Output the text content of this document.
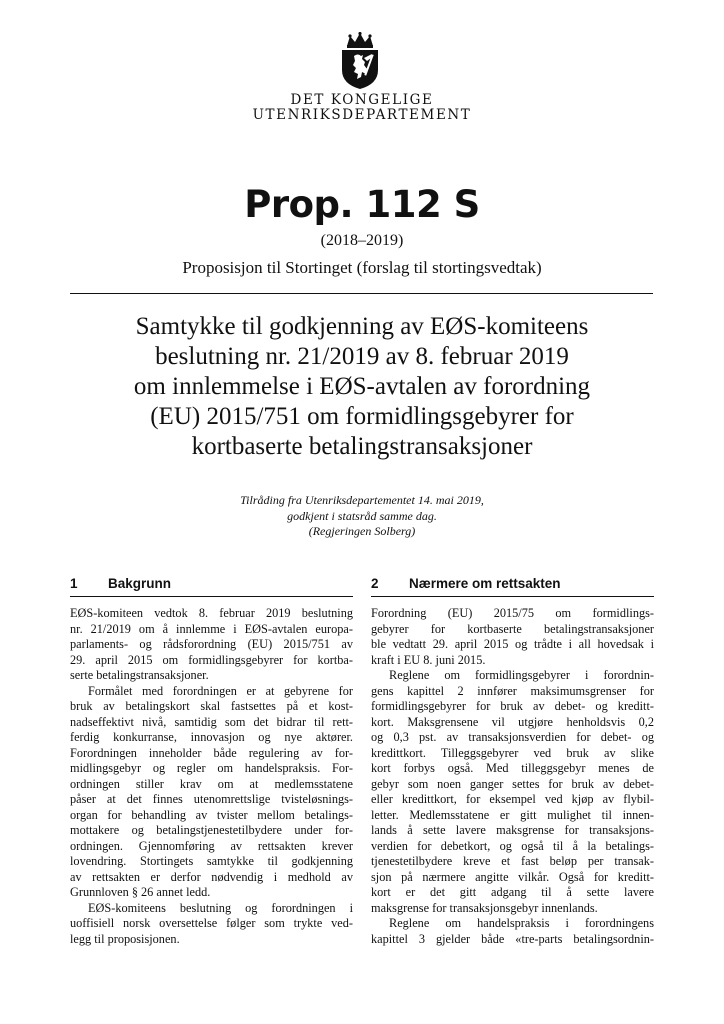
DET KONGELIGE
UTENRIKSDEPARTEMENT
Prop. 112 S
(2018–2019)
Proposisjon til Stortinget (forslag til stortingsvedtak)
Samtykke til godkjenning av EØS-komiteens
beslutning nr. 21/2019 av 8. februar 2019
om innlemmelse i EØS-avtalen av forordning
(EU) 2015/751 om formidlingsgebyrer for
kortbaserte betalingstransaksjoner
Tilråding fra Utenriksdepartementet 14. mai 2019,
godkjent i statsråd samme dag.
(Regjeringen Solberg)
1	Bakgrunn
EØS-komiteen vedtok 8. februar 2019 beslutning
nr. 21/2019 om å innlemme i EØS-avtalen europa-
parlaments- og rådsforordning (EU) 2015/751 av
29. april 2015 om formidlingsgebyrer for kortba-
serte betalingstransaksjoner.
Formålet med forordningen er at gebyrene for
bruk av betalingskort skal fastsettes på et kost-
nadseffektivt nivå, samtidig som det bidrar til rett-
ferdig konkurranse, innovasjon og nye aktører.
Forordningen inneholder både regulering av for-
midlingsgebyr og regler om handelspraksis. For-
ordningen stiller krav om at medlemsstatene
påser at det finnes utenomrettslige tvisteløsnings-
organ for behandling av tvister mellom betalings-
mottakere og betalingstjenestetilbydere under for-
ordningen. Gjennomføring av rettsakten krever
lovendring. Stortingets samtykke til godkjenning
av rettsakten er derfor nødvendig i medhold av
Grunnloven § 26 annet ledd.
EØS-komiteens beslutning og forordningen i
uoffisiell norsk oversettelse følger som trykte ved-
legg til proposisjonen.
2	Nærmere om rettsakten
Forordning (EU) 2015/75 om formidlings-
gebyrer for kortbaserte betalingstransaksjoner
ble vedtatt 29. april 2015 og trådte i all hovedsak i
kraft i EU 8. juni 2015.
Reglene om formidlingsgebyrer i forordnin-
gens kapittel 2 innfører maksimumsgrenser for
formidlingsgebyrer for bruk av debet- og kreditt-
kort. Maksgrensene vil utgjøre henholdsvis 0,2
og 0,3 pst. av transaksjonsverdien for debet- og
kredittkort. Tilleggsgebyrer ved bruk av slike
kort forbys også. Med tilleggsgebyr menes de
gebyr som noen ganger settes for bruk av debet-
eller kredittkort, for eksempel ved kjøp av flybil-
letter. Medlemsstatene er gitt mulighet til innen-
lands å sette lavere maksgrense for transaksjons-
verdien for debetkort, og også til å la betalings-
tjenestetilbydere kreve et fast beløp per transak-
sjon på nærmere angitte vilkår. Også for kreditt-
kort er det gitt adgang til å sette lavere
maksgrense for transaksjonsgebyr innenlands.
Reglene om handelspraksis i forordningens
kapittel 3 gjelder både «tre-parts betalingsordnin-
